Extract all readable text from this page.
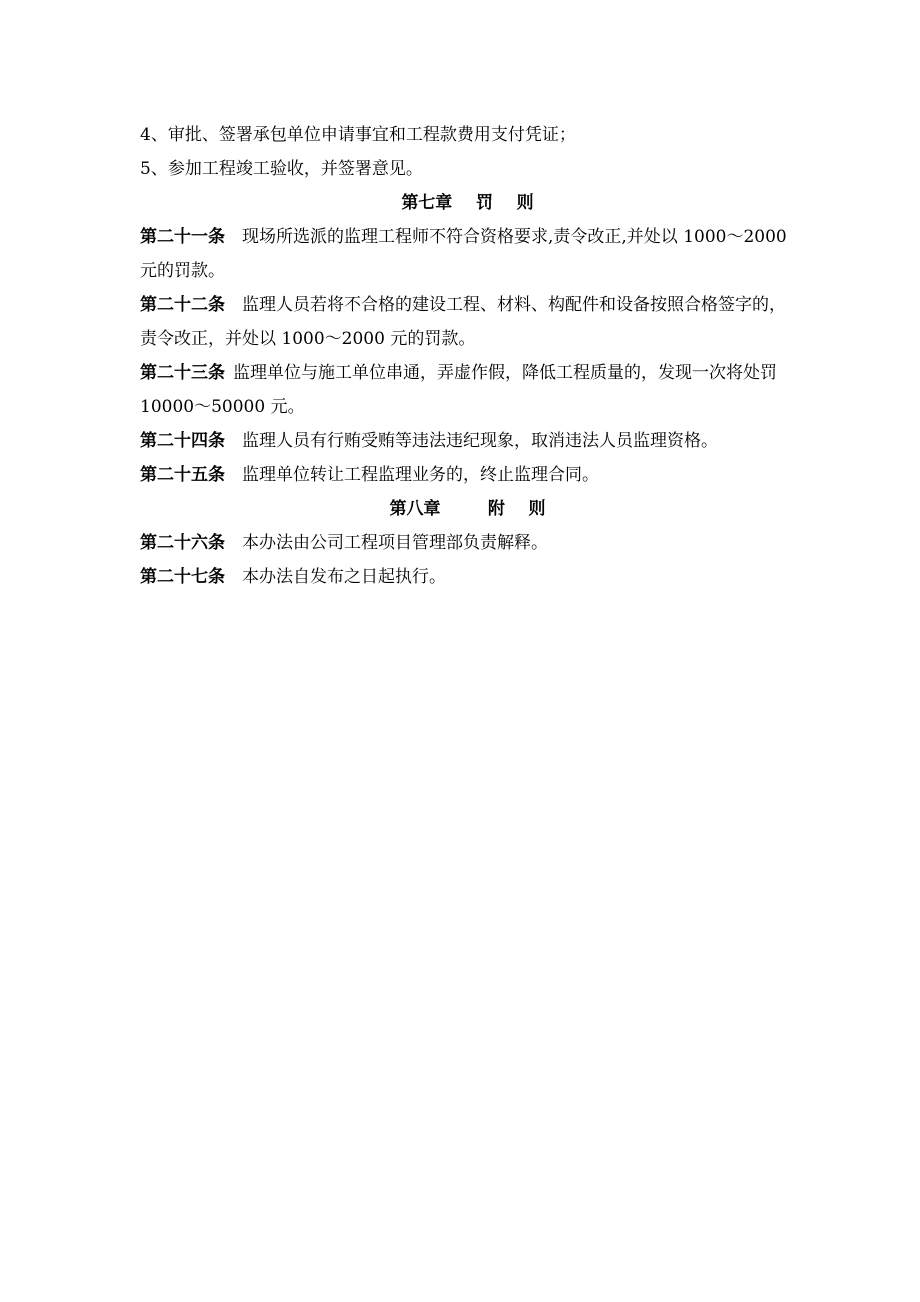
4、审批、签署承包单位申请事宜和工程款费用支付凭证；

5、参加工程竣工验收，并签署意见。

第七章    罚    则

第二十一条 现场所选派的监理工程师不符合资格要求,责令改正,并处以 1000～2000 元的罚款。

第二十二条 监理人员若将不合格的建设工程、材料、构配件和设备按照合格签字的，责令改正，并处以 1000～2000 元的罚款。

第二十三条 监理单位与施工单位串通，弄虚作假，降低工程质量的，发现一次将处罚 10000～50000 元。

第二十四条 监理人员有行贿受贿等违法违纪现象，取消违法人员监理资格。

第二十五条 监理单位转让工程监理业务的，终止监理合同。

第八章        附    则

第二十六条 本办法由公司工程项目管理部负责解释。

第二十七条 本办法自发布之日起执行。
